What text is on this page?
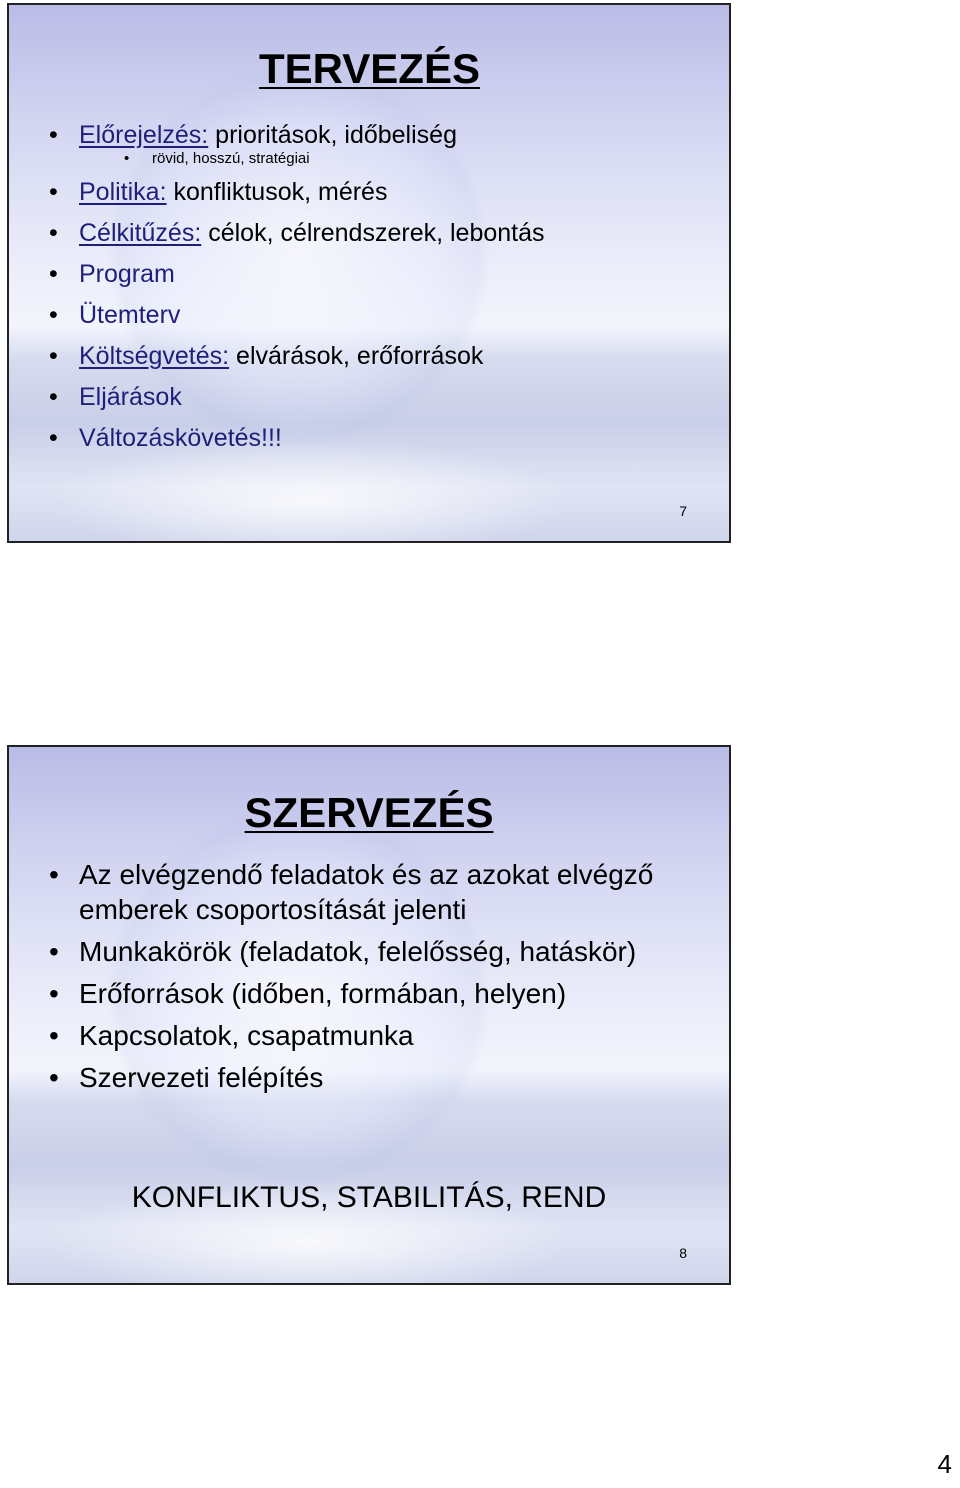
TERVEZÉS
• Előrejelzés: prioritások, időbeliség
• rövid, hosszú, stratégiai
• Politika: konfliktusok, mérés
• Célkitűzés: célok, célrendszerek, lebontás
• Program
• Ütemterv
• Költségvetés: elvárások, erőforrások
• Eljárások
• Változáskövetés!!!
7
SZERVEZÉS
• Az elvégzendő feladatok és az azokat elvégző emberek csoportosítását jelenti
• Munkakörök (feladatok, felelősség, hatáskör)
• Erőforrások (időben, formában, helyen)
• Kapcsolatok, csapatmunka
• Szervezeti felépítés
KONFLIKTUS, STABILITÁS, REND
8
4
